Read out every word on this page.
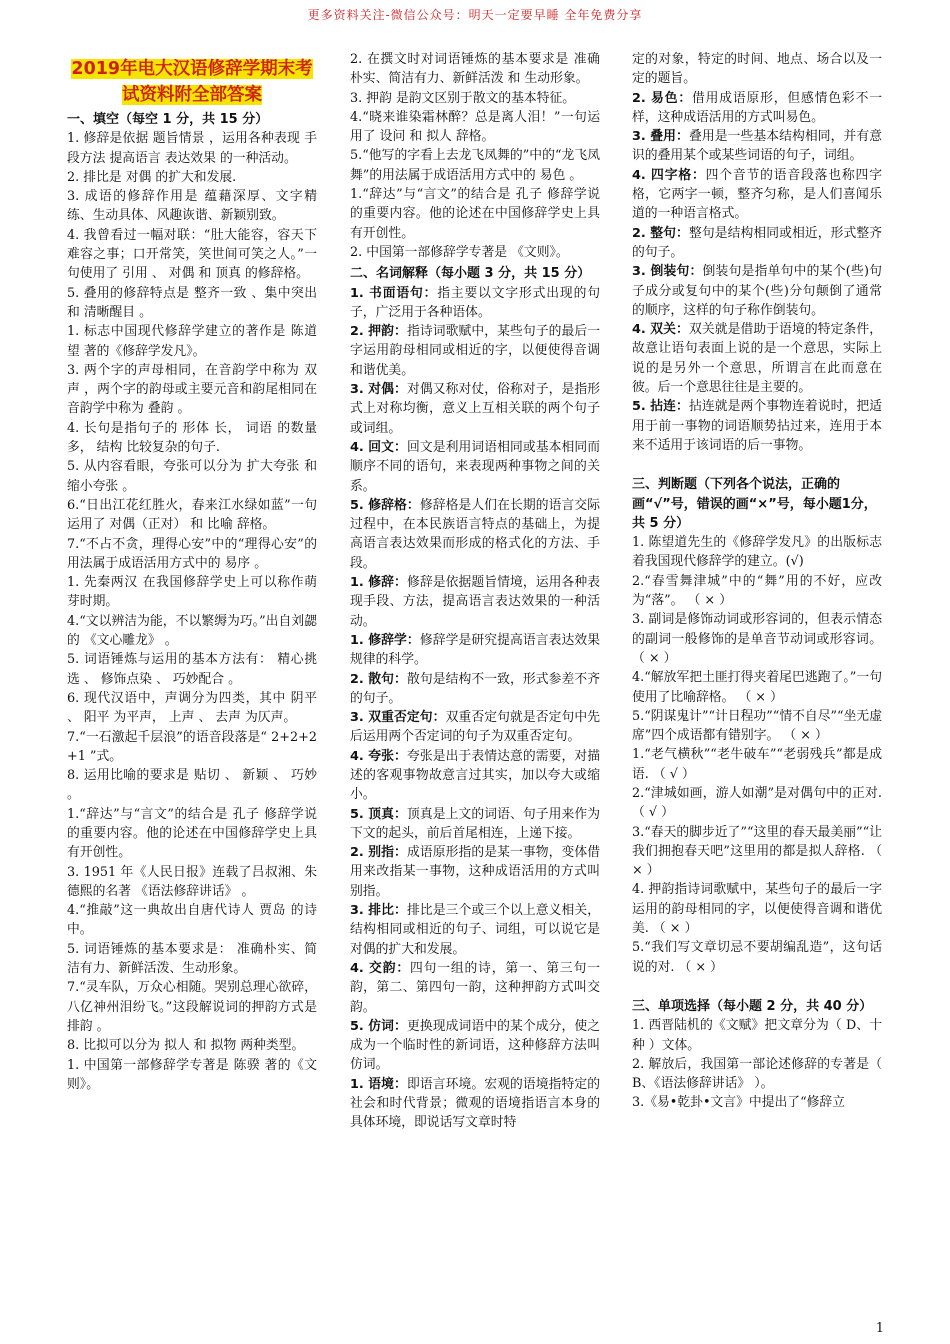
更多资料关注-微信公众号：明天一定要早睡 全年免费分享
2019年电大汉语修辞学期末考试资料附全部答案
一、填空（每空 1 分，共 15 分）
1. 修辞是依据 题旨情景 ，运用各种表现 手段方法 提高语言 表达效果 的一种活动。
2. 排比是 对偶 的扩大和发展.
3. 成语的修辞作用是 蕴藉深厚、文字精练、生动具体、风趣诙谐、新颖别致。
4. 我曾看过一幅对联：“肚大能容，容天下难容之事；口开常笑，笑世间可笑之人。”一句使用了 引用 、 对偶 和 顶真 的修辞格。
5. 叠用的修辞特点是 整齐一致 、集中突出 和 清晰醒目 。
1. 标志中国现代修辞学建立的著作是 陈道望 著的《修辞学发凡》。
3. 两个字的声母相同，在音韵学中称为 双声 ，两个字的韵母或主要元音和韵尾相同在音韵学中称为 叠韵 。
4. 长句是指句子的 形体 长， 词语 的数量多， 结构 比较复杂的句子.
5. 从内容看眼，夸张可以分为 扩大夸张 和 缩小夸张 。
6.“日出江花红胜火，春来江水绿如蓝”一句运用了 对偶（正对） 和 比喻 辞格。
7.“不占不贪，理得心安”中的“理得心安”的用法属于成语活用方式中的 易序 。
1. 先秦两汉 在我国修辞学史上可以称作萌芽时期。
4.“文以辨洁为能，不以繁缛为巧。”出自刘勰的 《文心雕龙》 。
5. 词语锤炼与运用的基本方法有： 精心挑选 、 修饰点染 、 巧妙配合 。
6. 现代汉语中，声调分为四类，其中 阴平 、 阳平 为平声， 上声 、 去声 为仄声。
7.“一石激起千层浪”的语音段落是“ 2+2+2+1 ”式。
8. 运用比喻的要求是 贴切 、 新颖 、 巧妙 。
1.“辞达”与“言文”的结合是 孔子 修辞学说的重要内容。他的论述在中国修辞学史上具有开创性。
3. 1951 年《人民日报》连载了吕叔湘、朱德熙的名著 《语法修辞讲话》 。
4.“推敲”这一典故出自唐代诗人 贾岛 的诗中。
5. 词语锤炼的基本要求是： 准确朴实、简洁有力、新鲜活泼、生动形象。
7.“灵车队，万众心相随。哭别总理心欲碎，八亿神州泪纷飞。”这段解说词的押韵方式是 排韵 。
8. 比拟可以分为 拟人 和 拟物 两种类型。
1. 中国第一部修辞学专著是 陈骙 著的《文则》。
2. 在撰文时对词语锤炼的基本要求是 准确朴实、简洁有力、新鲜活泼 和 生动形象。
3. 押韵 是韵文区别于散文的基本特征。
4.“晓来谁染霜林醉？总是离人泪！”一句运用了 设问 和 拟人 辞格。
5.“他写的字看上去龙飞凤舞的”中的“龙飞凤舞”的用法属于成语活用方式中的 易色 。
1.“辞达”与“言文”的结合是 孔子 修辞学说的重要内容。他的论述在中国修辞学史上具有开创性。
2. 中国第一部修辞学专著是 《文则》。
二、名词解释（每小题 3 分，共 15 分）
1. 书面语句：指主要以文字形式出现的句子，广泛用于各种语体。
2. 押韵：指诗词歌赋中，某些句子的最后一字运用韵母相同或相近的字，以便使得音调和谐优美。
3. 对偶：对偶又称对仗，俗称对子，是指形式上对称均衡，意义上互相关联的两个句子或词组。
4. 回文：回文是利用词语相同或基本相同而顺序不同的语句，来表现两种事物之间的关系。
5. 修辞格：修辞格是人们在长期的语言交际过程中，在本民族语言特点的基础上，为提高语言表达效果而形成的格式化的方法、手段。
1. 修辞：修辞是依据题旨情境，运用各种表现手段、方法，提高语言表达效果的一种活动。
1. 修辞学：修辞学是研究提高语言表达效果规律的科学。
2. 散句：散句是结构不一致，形式参差不齐的句子。
3. 双重否定句：双重否定句就是否定句中先后运用两个否定词的句子为双重否定句。
4. 夸张：夸张是出于表情达意的需要，对描述的客观事物故意言过其实，加以夸大或缩小。
5. 顶真：顶真是上文的词语、句子用来作为下文的起头，前后首尾相连，上递下接。
2. 别指：成语原形指的是某一事物，变体借用来改指某一事物，这种成语活用的方式叫别指。
3. 排比：排比是三个或三个以上意义相关，结构相同或相近的句子、词组，可以说它是对偶的扩大和发展。
4. 交韵：四句一组的诗，第一、第三句一韵，第二、第四句一韵，这种押韵方式叫交韵。
5. 仿词：更换现成词语中的某个成分，使之成为一个临时性的新词语，这种修辞方法叫仿词。
1. 语境：即语言环境。宏观的语境指特定的社会和时代背景；微观的语境指语言本身的具体环境，即说话写文章时特
定的对象，特定的时间、地点、场合以及一定的题旨。
2. 易色：借用成语原形，但感情色彩不一样，这种成语活用的方式叫易色。
3. 叠用：叠用是一些基本结构相同，并有意识的叠用某个或某些词语的句子，词组。
4. 四字格：四个音节的语音段落也称四字格，它两字一顿，整齐匀称，是人们喜闻乐道的一种语言格式。
2. 整句：整句是结构相同或相近，形式整齐的句子。
3. 倒装句：倒装句是指单句中的某个(些)句子成分或复句中的某个(些)分句颠倒了通常的顺序，这样的句子称作倒装句。
4. 双关：双关就是借助于语境的特定条件，故意让语句表面上说的是一个意思，实际上说的是另外一个意思，所谓言在此而意在彼。后一个意思往往是主要的。
5. 拈连：拈连就是两个事物连着说时，把适用于前一事物的词语顺势拈过来，连用于本来不适用于该词语的后一事物。
三、判断题（下列各个说法，正确的画“√”号，错误的画“×”号，每小题1分，共 5 分）
1. 陈望道先生的《修辞学发凡》的出版标志着我国现代修辞学的建立。(√)
2.“春雪舞津城”中的“舞”用的不好，应改为“落”。 （ × ）
3. 副词是修饰动词或形容词的，但表示情态的副词一般修饰的是单音节动词或形容词。 （ × ）
4.“解放军把土匪打得夹着尾巴逃跑了。”一句使用了比喻辞格。 （ × ）
5.“阴谋鬼计”“计日程功”“情不自尽”“坐无虚席”四个成语都有错别字。 （ × ）
1.“老气横秋”“老牛破车”“老弱残兵”都是成语. （ √ ）
2.“津城如画，游人如潮”是对偶句中的正对. （ √ ）
3.“春天的脚步近了”“这里的春天最美丽”“让我们拥抱春天吧”这里用的都是拟人辞格. （ × ）
4. 押韵指诗词歌赋中，某些句子的最后一字运用的韵母相同的字，以便使得音调和谐优美. （ × ）
5.“我们写文章切忌不要胡编乱造”，这句话说的对. （ × ）
三、单项选择（每小题 2 分，共 40 分）
1. 西晋陆机的《文赋》把文章分为（ D、十种 ）文体。
2. 解放后，我国第一部论述修辞的专著是（ B、《语法修辞讲话》 ）。
3.《易•乾卦•文言》中提出了“修辞立
1
